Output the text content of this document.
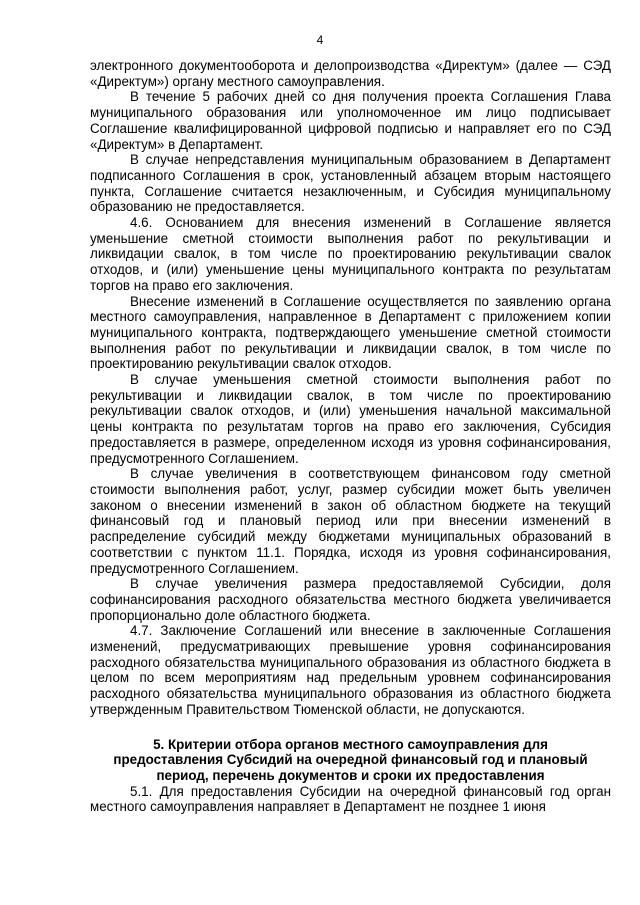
4

электронного документооборота и делопроизводства «Директум» (далее — СЭД «Директум») органу местного самоуправления.

В течение 5 рабочих дней со дня получения проекта Соглашения Глава муниципального образования или уполномоченное им лицо подписывает Соглашение квалифицированной цифровой подписью и направляет его по СЭД «Директум» в Департамент.

В случае непредставления муниципальным образованием в Департамент подписанного Соглашения в срок, установленный абзацем вторым настоящего пункта, Соглашение считается незаключенным, и Субсидия муниципальному образованию не предоставляется.

4.6. Основанием для внесения изменений в Соглашение является уменьшение сметной стоимости выполнения работ по рекультивации и ликвидации свалок, в том числе по проектированию рекультивации свалок отходов, и (или) уменьшение цены муниципального контракта по результатам торгов на право его заключения.

Внесение изменений в Соглашение осуществляется по заявлению органа местного самоуправления, направленное в Департамент с приложением копии муниципального контракта, подтверждающего уменьшение сметной стоимости выполнения работ по рекультивации и ликвидации свалок, в том числе по проектированию рекультивации свалок отходов.

В случае уменьшения сметной стоимости выполнения работ по рекультивации и ликвидации свалок, в том числе по проектированию рекультивации свалок отходов, и (или) уменьшения начальной максимальной цены контракта по результатам торгов на право его заключения, Субсидия предоставляется в размере, определенном исходя из уровня софинансирования, предусмотренного Соглашением.

В случае увеличения в соответствующем финансовом году сметной стоимости выполнения работ, услуг, размер субсидии может быть увеличен законом о внесении изменений в закон об областном бюджете на текущий финансовый год и плановый период или при внесении изменений в распределение субсидий между бюджетами муниципальных образований в соответствии с пунктом 11.1. Порядка, исходя из уровня софинансирования, предусмотренного Соглашением.

В случае увеличения размера предоставляемой Субсидии, доля софинансирования расходного обязательства местного бюджета увеличивается пропорционально доле областного бюджета.

4.7. Заключение Соглашений или внесение в заключенные Соглашения изменений, предусматривающих превышение уровня софинансирования расходного обязательства муниципального образования из областного бюджета в целом по всем мероприятиям над предельным уровнем софинансирования расходного обязательства муниципального образования из областного бюджета утвержденным Правительством Тюменской области, не допускаются.

5. Критерии отбора органов местного самоуправления для
предоставления Субсидий на очередной финансовый год и плановый
период, перечень документов и сроки их предоставления

5.1. Для предоставления Субсидии на очередной финансовый год орган местного самоуправления направляет в Департамент не позднее 1 июня
